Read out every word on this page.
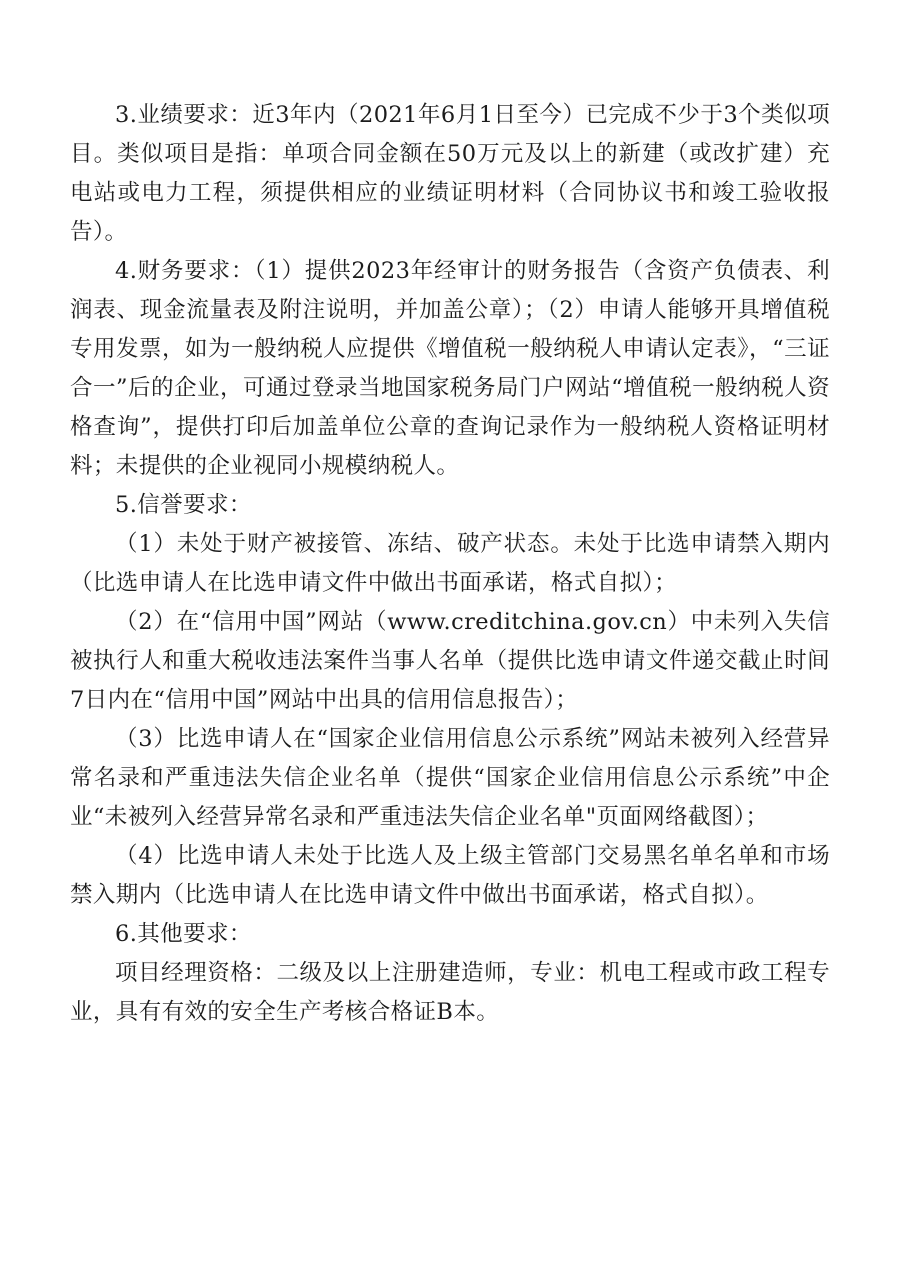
3.业绩要求：近3年内（2021年6月1日至今）已完成不少于3个类似项目。类似项目是指：单项合同金额在50万元及以上的新建（或改扩建）充电站或电力工程，须提供相应的业绩证明材料（合同协议书和竣工验收报告）。

4.财务要求：（1）提供2023年经审计的财务报告（含资产负债表、利润表、现金流量表及附注说明，并加盖公章）；（2）申请人能够开具增值税专用发票，如为一般纳税人应提供《增值税一般纳税人申请认定表》，“三证合一”后的企业，可通过登录当地国家税务局门户网站“增值税一般纳税人资格查询”，提供打印后加盖单位公章的查询记录作为一般纳税人资格证明材料；未提供的企业视同小规模纳税人。

5.信誉要求：

（1）未处于财产被接管、冻结、破产状态。未处于比选申请禁入期内（比选申请人在比选申请文件中做出书面承诺，格式自拟）；

（2）在“信用中国”网站（www.creditchina.gov.cn）中未列入失信被执行人和重大税收违法案件当事人名单（提供比选申请文件递交截止时间7日内在“信用中国”网站中出具的信用信息报告）；

（3）比选申请人在“国家企业信用信息公示系统”网站未被列入经营异常名录和严重违法失信企业名单（提供“国家企业信用信息公示系统”中企业“未被列入经营异常名录和严重违法失信企业名单"页面网络截图）；

（4）比选申请人未处于比选人及上级主管部门交易黑名单名单和市场禁入期内（比选申请人在比选申请文件中做出书面承诺，格式自拟）。

6.其他要求：

项目经理资格：二级及以上注册建造师，专业：机电工程或市政工程专业，具有有效的安全生产考核合格证B本。
